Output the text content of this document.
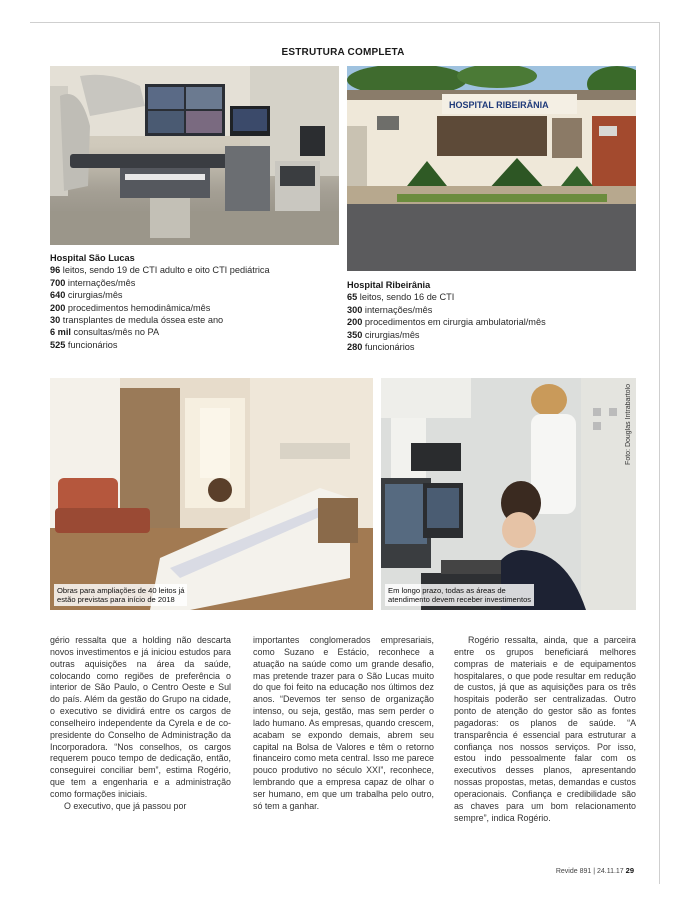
ESTRUTURA COMPLETA
Hospital São Lucas
96 leitos, sendo 19 de CTI adulto e oito CTI pediátrica
700 internações/mês
640 cirurgias/mês
200 procedimentos hemodinâmica/mês
30 transplantes de medula óssea este ano
6 mil consultas/mês no PA
525 funcionários
HOSPITAL RIBEIRÂNIA
Hospital Ribeirânia
65 leitos, sendo 16 de CTI
300 internações/mês
200 procedimentos em cirurgia ambulatorial/mês
350 cirurgias/mês
280 funcionários
Obras para ampliações de 40 leitos já
estão previstas para início de 2018
Foto: Douglas Intrabartolo
Em longo prazo, todas as áreas de
atendimento devem receber investimentos

gério ressalta que a holding não descarta novos investimentos e já iniciou estudos para outras aquisições na área da saúde, colocando como regiões de preferência o interior de São Paulo, o Centro Oeste e Sul do país. Além da gestão do Grupo na cidade, o executivo se dividirá entre os cargos de conselheiro independente da Cyrela e de co-presidente do Conselho de Administração da Incorporadora. “Nos conselhos, os cargos requerem pouco tempo de dedicação, então, conseguirei conciliar bem”, estima Rogério, que tem a engenharia e a administração como formações iniciais.

O executivo, que já passou por

importantes conglomerados empresariais, como Suzano e Estácio, reconhece a atuação na saúde como um grande desafio, mas pretende trazer para o São Lucas muito do que foi feito na educação nos últimos dez anos. “Devemos ter senso de organização intenso, ou seja, gestão, mas sem perder o lado humano. As empresas, quando crescem, acabam se expondo demais, abrem seu capital na Bolsa de Valores e têm o retorno financeiro como meta central. Isso me parece pouco produtivo no século XXI”, reconhece, lembrando que a empresa capaz de olhar o ser humano, em que um trabalha pelo outro, só tem a ganhar.

Rogério ressalta, ainda, que a parceira entre os grupos beneficiará melhores compras de materiais e de equipamentos hospitalares, o que pode resultar em redução de custos, já que as aquisições para os três hospitais poderão ser centralizadas. Outro ponto de atenção do gestor são as fontes pagadoras: os planos de saúde. “A transparência é essencial para estruturar a confiança nos nossos serviços. Por isso, estou indo pessoalmente falar com os executivos desses planos, apresentando nossas propostas, metas, demandas e custos operacionais. Confiança e credibilidade são as chaves para um bom relacionamento sempre”, indica Rogério.

Revide 891 | 24.11.17 29
